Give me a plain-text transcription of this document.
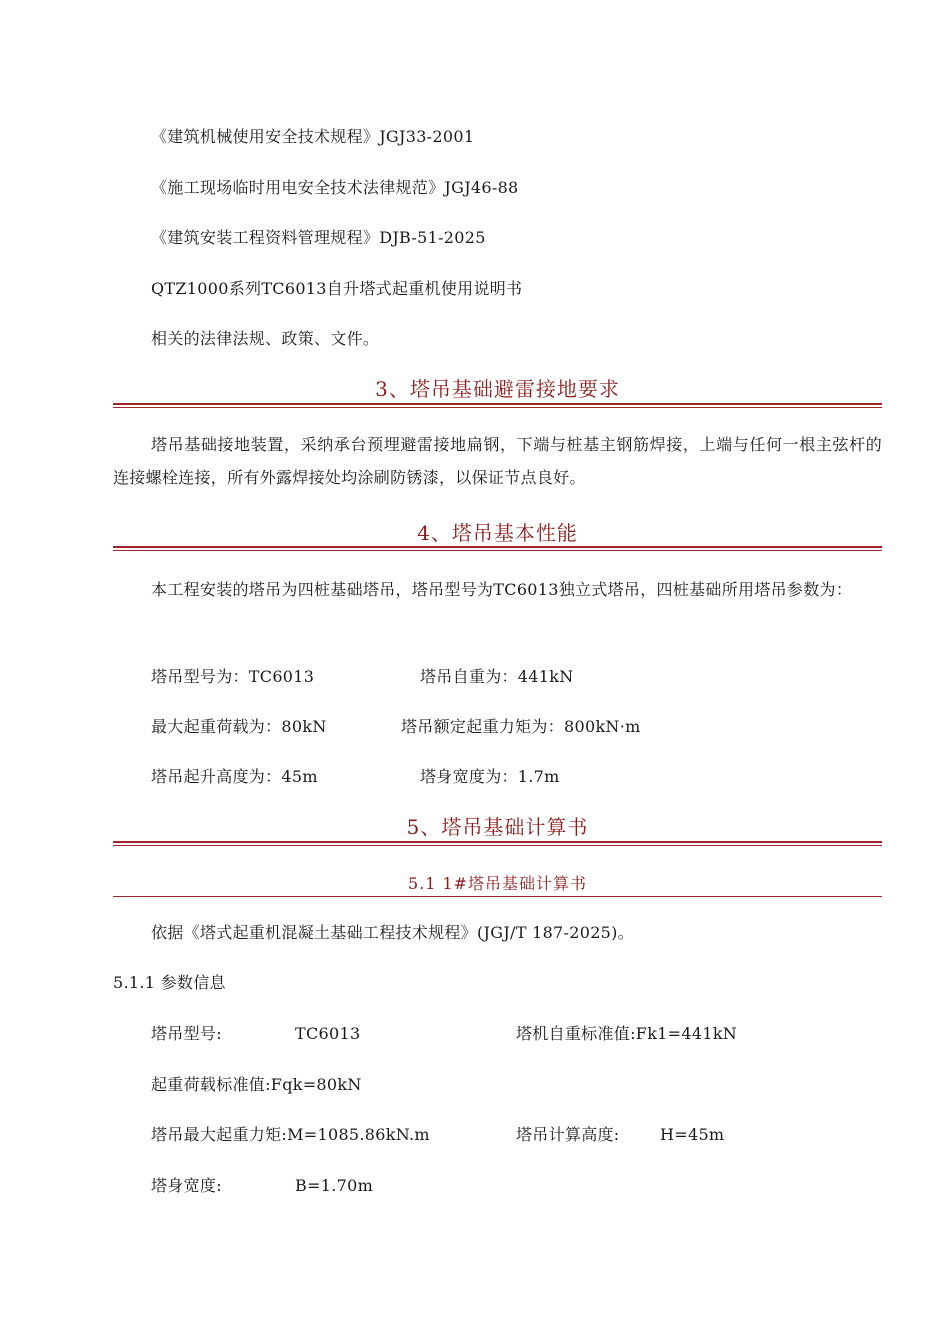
《建筑机械使用安全技术规程》JGJ33-2001
《施工现场临时用电安全技术法律规范》JGJ46-88
《建筑安装工程资料管理规程》DJB-51-2025
QTZ1000系列TC6013自升塔式起重机使用说明书
相关的法律法规、政策、文件。
3、塔吊基础避雷接地要求
塔吊基础接地装置，采纳承台预埋避雷接地扁钢，下端与桩基主钢筋焊接，上端与任何一根主弦杆的连接螺栓连接，所有外露焊接处均涂刷防锈漆，以保证节点良好。
4、塔吊基本性能
本工程安装的塔吊为四桩基础塔吊，塔吊型号为TC6013独立式塔吊，四桩基础所用塔吊参数为：
塔吊型号为：TC6013	塔吊自重为：441kN
最大起重荷载为：80kN	塔吊额定起重力矩为：800kN·m
塔吊起升高度为：45m	塔身宽度为：1.7m
5、塔吊基础计算书
5.1 1#塔吊基础计算书
依据《塔式起重机混凝土基础工程技术规程》(JGJ/T 187-2025)。
5.1.1 参数信息
塔吊型号:	TC6013	塔机自重标准值:Fk1=441kN
起重荷载标准值:Fqk=80kN
塔吊最大起重力矩:M=1085.86kN.m	塔吊计算高度:	H=45m
塔身宽度:	B=1.70m
